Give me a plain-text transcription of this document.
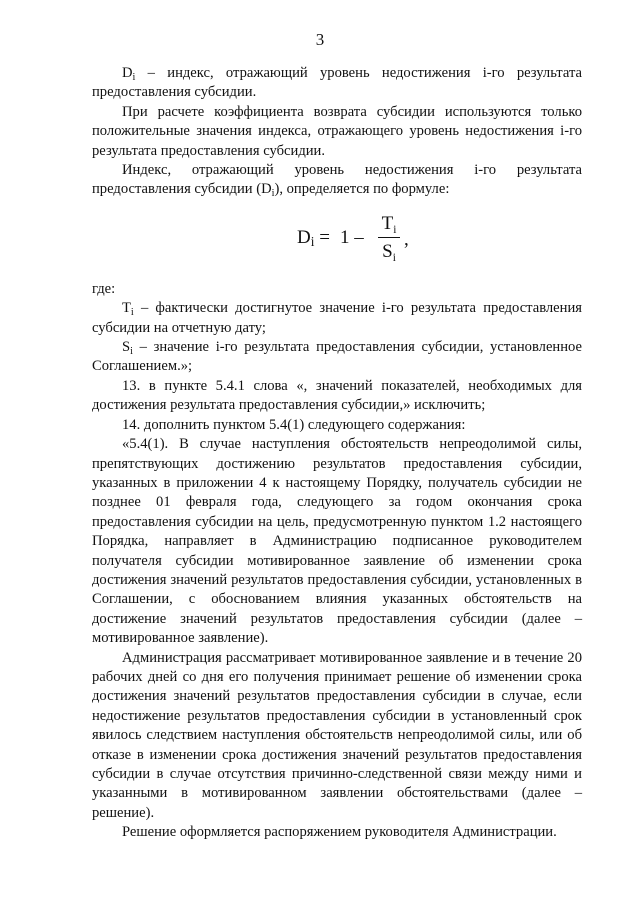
3

$D_i$ – индекс, отражающий уровень недостижения i-го результата предоставления субсидии.

При расчете коэффициента возврата субсидии используются только положительные значения индекса, отражающего уровень недостижения i-го результата предоставления субсидии.

Индекс, отражающий уровень недостижения i-го результата предоставления субсидии $(D_i)$, определяется по формуле:

$D_i = 1$ –
$T_i$
$S_i$
,

где:

$T_i$ – фактически достигнутое значение i-го результата предоставления субсидии на отчетную дату;

$S_i$ – значение i-го результата предоставления субсидии, установленное Соглашением.»;

13. в пункте 5.4.1 слова «, значений показателей, необходимых для достижения результата предоставления субсидии,» исключить;

14. дополнить пунктом 5.4(1) следующего содержания:

«5.4(1). В случае наступления обстоятельств непреодолимой силы, препятствующих достижению результатов предоставления субсидии, указанных в приложении 4 к настоящему Порядку, получатель субсидии не позднее 01 февраля года, следующего за годом окончания срока предоставления субсидии на цель, предусмотренную пунктом 1.2 настоящего Порядка, направляет в Администрацию подписанное руководителем получателя субсидии мотивированное заявление об изменении срока достижения значений результатов предоставления субсидии, установленных в Соглашении, с обоснованием влияния указанных обстоятельств на достижение значений результатов предоставления субсидии (далее – мотивированное заявление).

Администрация рассматривает мотивированное заявление и в течение 20 рабочих дней со дня его получения принимает решение об изменении срока достижения значений результатов предоставления субсидии в случае, если недостижение результатов предоставления субсидии в установленный срок явилось следствием наступления обстоятельств непреодолимой силы, или об отказе в изменении срока достижения значений результатов предоставления субсидии в случае отсутствия причинно-следственной связи между ними и указанными в мотивированном заявлении обстоятельствами (далее – решение).

Решение оформляется распоряжением руководителя Администрации.
